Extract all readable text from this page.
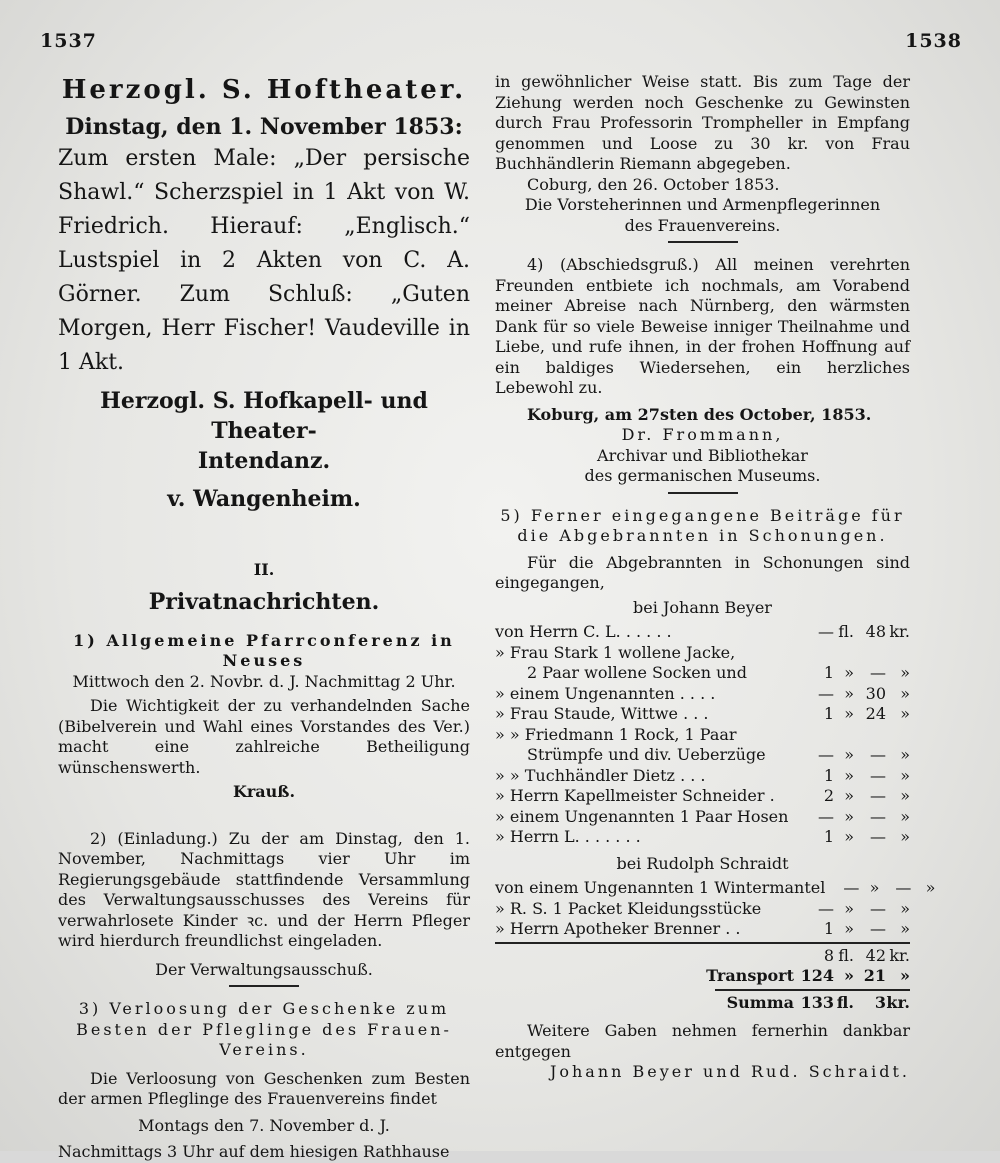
1537	1538

Herzogl. S. Hoftheater.

Dinstag, den 1. November 1853:

Zum ersten Male: „Der persische Shawl.“ Scherzspiel in 1 Akt von W. Friedrich. Hierauf: „Englisch.“ Lustspiel in 2 Akten von C. A. Görner. Zum Schluß: „Guten Morgen, Herr Fischer! Vaudeville in 1 Akt.

Herzogl. S. Hofkapell- und Theater-

Intendanz.

v. Wangenheim.

II.

Privatnachrichten.

1) Allgemeine Pfarrconferenz in Neuses

Mittwoch den 2. Novbr. d. J. Nachmittag 2 Uhr.

Die Wichtigkeit der zu verhandelnden Sache (Bibelverein und Wahl eines Vorstandes des Ver.) macht eine zahlreiche Betheiligung wünschenswerth.

Krauß.

2) (Einladung.) Zu der am Dinstag, den 1. November, Nachmittags vier Uhr im Regierungsgebäude stattfindende Versammlung des Verwaltungsausschusses des Vereins für verwahrlosete Kinder ꝛc. und der Herrn Pfleger wird hierdurch freundlichst eingeladen.

Der Verwaltungsausschuß.

3) Verloosung der Geschenke zum Besten der Pfleglinge des Frauen-Vereins.

Die Verloosung von Geschenken zum Besten der armen Pfleglinge des Frauenvereins findet

Montags den 7. November d. J.

Nachmittags 3 Uhr auf dem hiesigen Rathhause

in gewöhnlicher Weise statt. Bis zum Tage der Ziehung werden noch Geschenke zu Gewinsten durch Frau Professorin Trompheller in Empfang genommen und Loose zu 30 kr. von Frau Buchhändlerin Riemann abgegeben.

Coburg, den 26. October 1853.

Die Vorsteherinnen und Armenpflegerinnen

des Frauenvereins.

4) (Abschiedsgruß.) All meinen verehrten Freunden entbiete ich nochmals, am Vorabend meiner Abreise nach Nürnberg, den wärmsten Dank für so viele Beweise inniger Theilnahme und Liebe, und rufe ihnen, in der frohen Hoffnung auf ein baldiges Wiedersehen, ein herzliches Lebewohl zu.

Koburg, am 27sten des October, 1853.

Dr. Frommann,

Archivar und Bibliothekar

des germanischen Museums.

5) Ferner eingegangene Beiträge für die Abgebrannten in Schonungen.

Für die Abgebrannten in Schonungen sind eingegangen,

bei Johann Beyer

von Herrn C. L. . . . . .	— fl. 48 kr.
» Frau Stark 1 wollene Jacke,
2 Paar wollene Socken und	1 »	— »
» einem Ungenannten . . . .	— » 30 »
» Frau Staude, Wittwe . . .	1 » 24 »
» » Friedmann 1 Rock, 1 Paar
Strümpfe und div. Ueberzüge	— »	— »
» » Tuchhändler Dietz . . .	1 »	— »
» Herrn Kapellmeister Schneider .	2 »	— »
» einem Ungenannten 1 Paar Hosen	— »	— »
» Herrn L. . . . . . .	1 »	— »

bei Rudolph Schraidt

von einem Ungenannten 1 Wintermantel	— »	— »
» R. S. 1 Packet Kleidungsstücke	— »	— »
» Herrn Apotheker Brenner . .	1 »	— »
8 fl. 42 kr.
Transport 124 » 21 »
Summa 133 fl.	3 kr.

Weitere Gaben nehmen fernerhin dankbar entgegen

Johann Beyer und Rud. Schraidt.
